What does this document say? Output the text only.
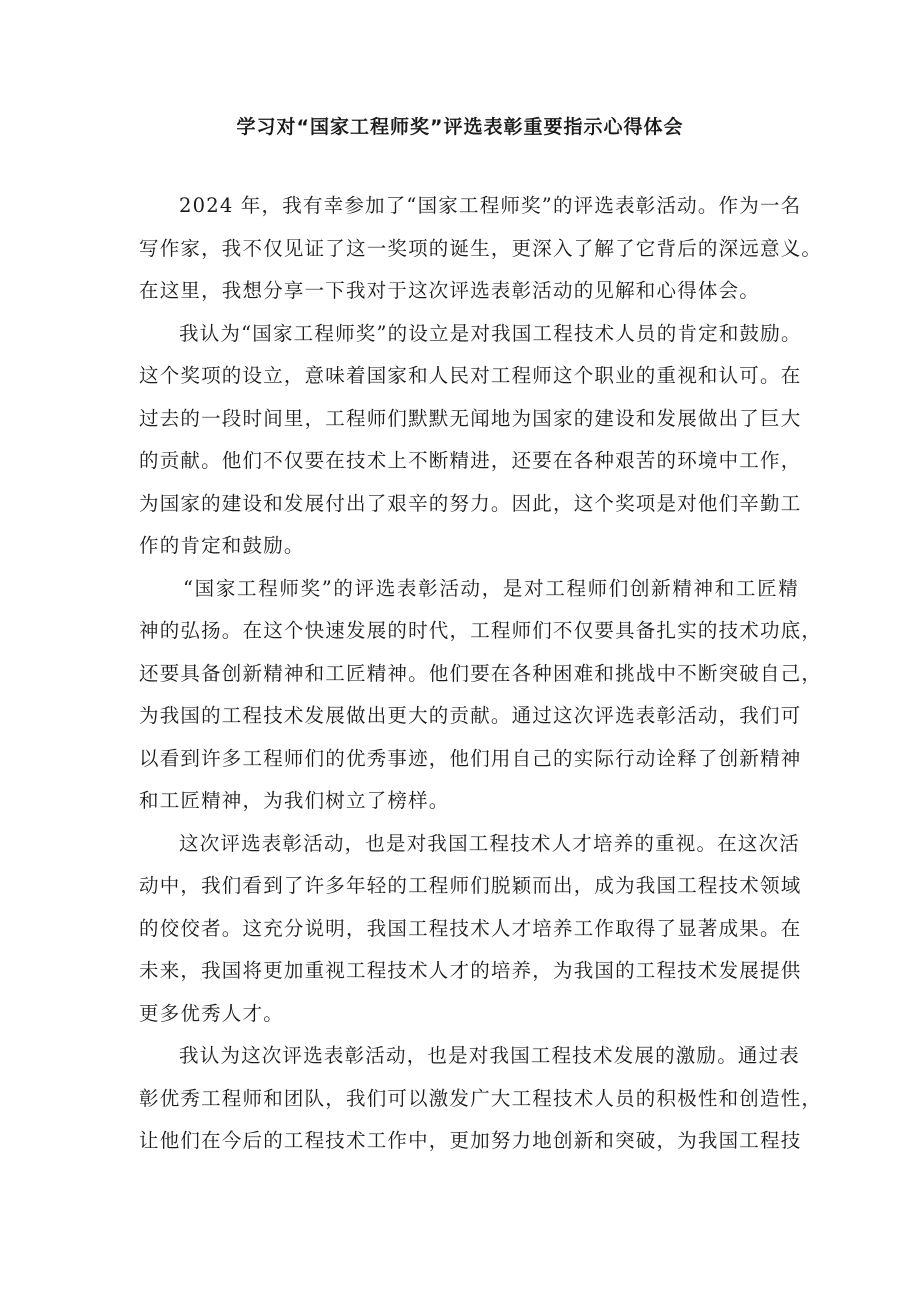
学习对“国家工程师奖”评选表彰重要指示心得体会
2024 年，我有幸参加了“国家工程师奖”的评选表彰活动。作为一名
写作家，我不仅见证了这一奖项的诞生，更深入了解了它背后的深远意义。
在这里，我想分享一下我对于这次评选表彰活动的见解和心得体会。
我认为“国家工程师奖”的设立是对我国工程技术人员的肯定和鼓励。
这个奖项的设立，意味着国家和人民对工程师这个职业的重视和认可。在
过去的一段时间里，工程师们默默无闻地为国家的建设和发展做出了巨大
的贡献。他们不仅要在技术上不断精进，还要在各种艰苦的环境中工作，
为国家的建设和发展付出了艰辛的努力。因此，这个奖项是对他们辛勤工
作的肯定和鼓励。
“国家工程师奖”的评选表彰活动，是对工程师们创新精神和工匠精
神的弘扬。在这个快速发展的时代，工程师们不仅要具备扎实的技术功底，
还要具备创新精神和工匠精神。他们要在各种困难和挑战中不断突破自己，
为我国的工程技术发展做出更大的贡献。通过这次评选表彰活动，我们可
以看到许多工程师们的优秀事迹，他们用自己的实际行动诠释了创新精神
和工匠精神，为我们树立了榜样。
这次评选表彰活动，也是对我国工程技术人才培养的重视。在这次活
动中，我们看到了许多年轻的工程师们脱颖而出，成为我国工程技术领域
的佼佼者。这充分说明，我国工程技术人才培养工作取得了显著成果。在
未来，我国将更加重视工程技术人才的培养，为我国的工程技术发展提供
更多优秀人才。
我认为这次评选表彰活动，也是对我国工程技术发展的激励。通过表
彰优秀工程师和团队，我们可以激发广大工程技术人员的积极性和创造性，
让他们在今后的工程技术工作中，更加努力地创新和突破，为我国工程技
